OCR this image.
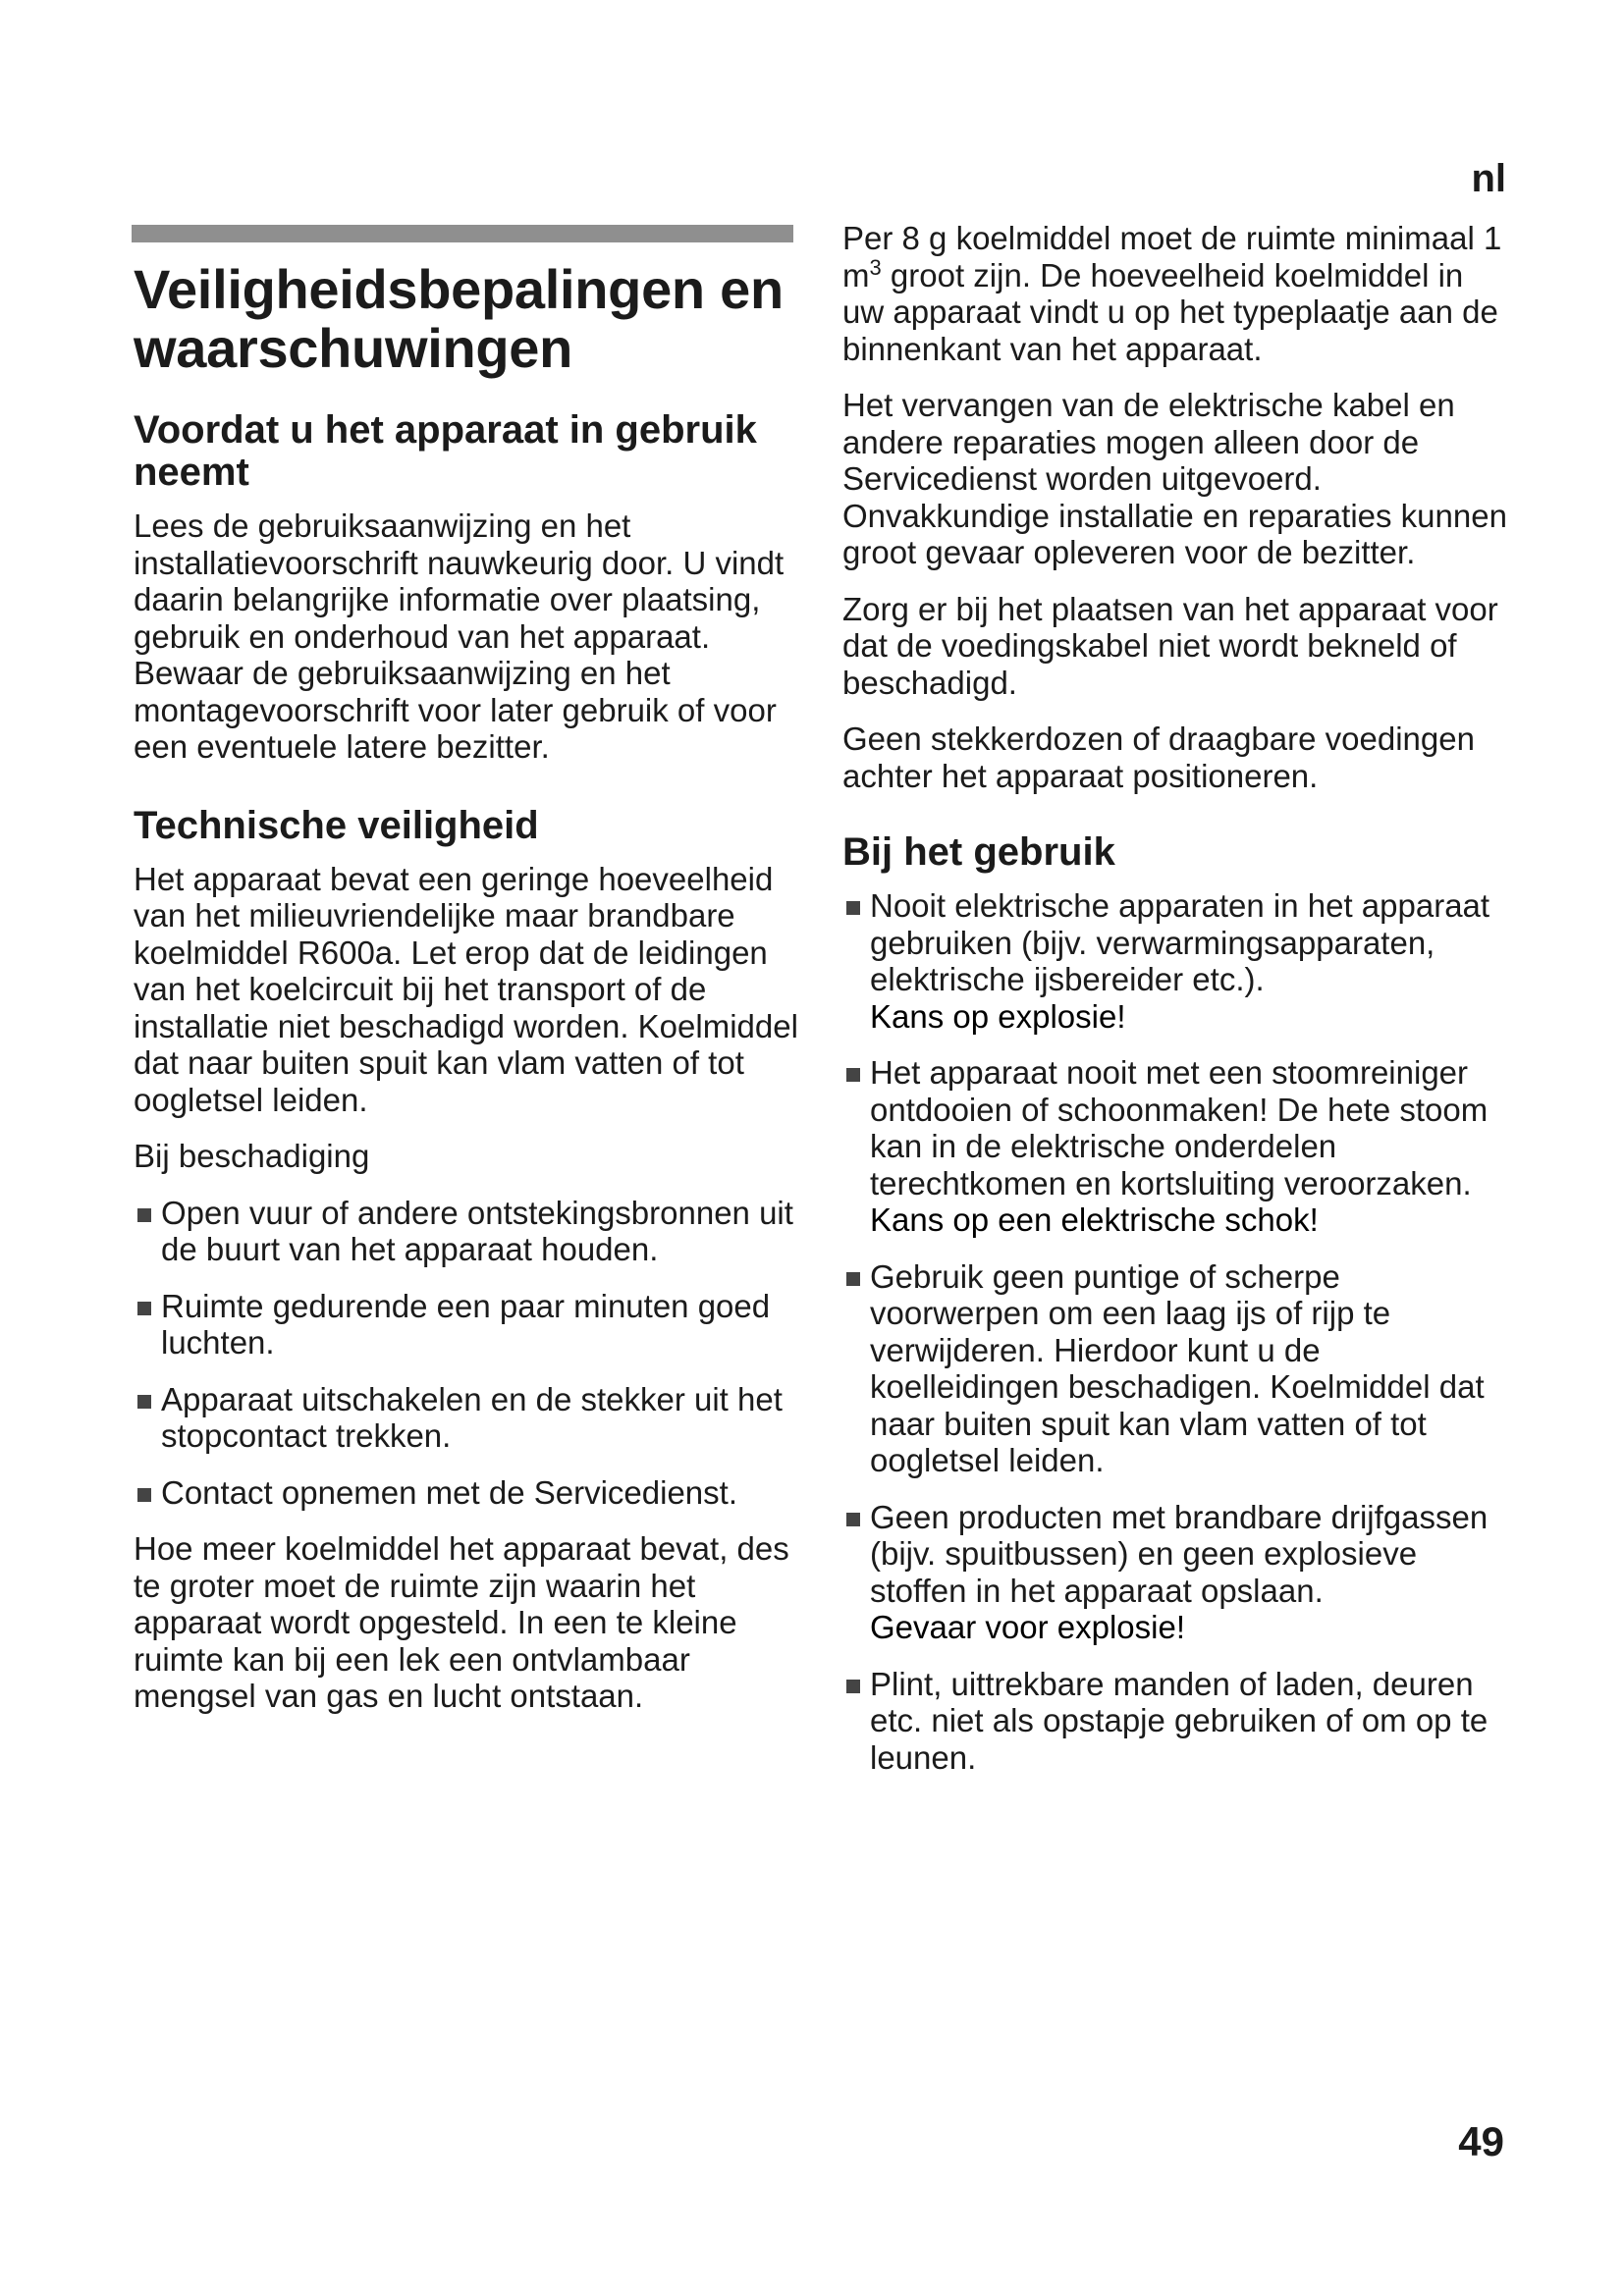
nl
Veiligheidsbepalingen en waarschuwingen
Voordat u het apparaat in gebruik neemt

Lees de gebruiksaanwijzing en het installatievoorschrift nauwkeurig door. U vindt daarin belangrijke informatie over plaatsing, gebruik en onderhoud van het apparaat.

Bewaar de gebruiksaanwijzing en het montagevoorschrift voor later gebruik of voor een eventuele latere bezitter.

Technische veiligheid

Het apparaat bevat een geringe hoeveelheid van het milieuvriendelijke maar brandbare koelmiddel R600a. Let erop dat de leidingen van het koelcircuit bij het transport of de installatie niet beschadigd worden. Koelmiddel dat naar buiten spuit kan vlam vatten of tot oogletsel leiden.

Bij beschadiging

Open vuur of andere ontstekingsbronnen uit de buurt van het apparaat houden.
Ruimte gedurende een paar minuten goed luchten.
Apparaat uitschakelen en de stekker uit het stopcontact trekken.
Contact opnemen met de Servicedienst.

Hoe meer koelmiddel het apparaat bevat, des te groter moet de ruimte zijn waarin het apparaat wordt opgesteld. In een te kleine ruimte kan bij een lek een ontvlambaar mengsel van gas en lucht ontstaan.

Per 8 g koelmiddel moet de ruimte minimaal 1 $m^3$ groot zijn. De hoeveelheid koelmiddel in uw apparaat vindt u op het typeplaatje aan de binnenkant van het apparaat.

Het vervangen van de elektrische kabel en andere reparaties mogen alleen door de Servicedienst worden uitgevoerd.

Onvakkundige installatie en reparaties kunnen groot gevaar opleveren voor de bezitter.

Zorg er bij het plaatsen van het apparaat voor dat de voedingskabel niet wordt bekneld of beschadigd.

Geen stekkerdozen of draagbare voedingen achter het apparaat positioneren.

Bij het gebruik
Nooit elektrische apparaten in het apparaat gebruiken (bijv. verwarmingsapparaten, elektrische ijsbereider etc.).
Kans op explosie!
Het apparaat nooit met een stoomreiniger ontdooien of schoonmaken! De hete stoom kan in de elektrische onderdelen terechtkomen en kortsluiting veroorzaken.
Kans op een elektrische schok!
Gebruik geen puntige of scherpe voorwerpen om een laag ijs of rijp te verwijderen. Hierdoor kunt u de koelleidingen beschadigen. Koelmiddel dat naar buiten spuit kan vlam vatten of tot oogletsel leiden.
Geen producten met brandbare drijfgassen (bijv. spuitbussen) en geen explosieve stoffen in het apparaat opslaan.
Gevaar voor explosie!
Plint, uittrekbare manden of laden, deuren etc. niet als opstapje gebruiken of om op te leunen.
49
